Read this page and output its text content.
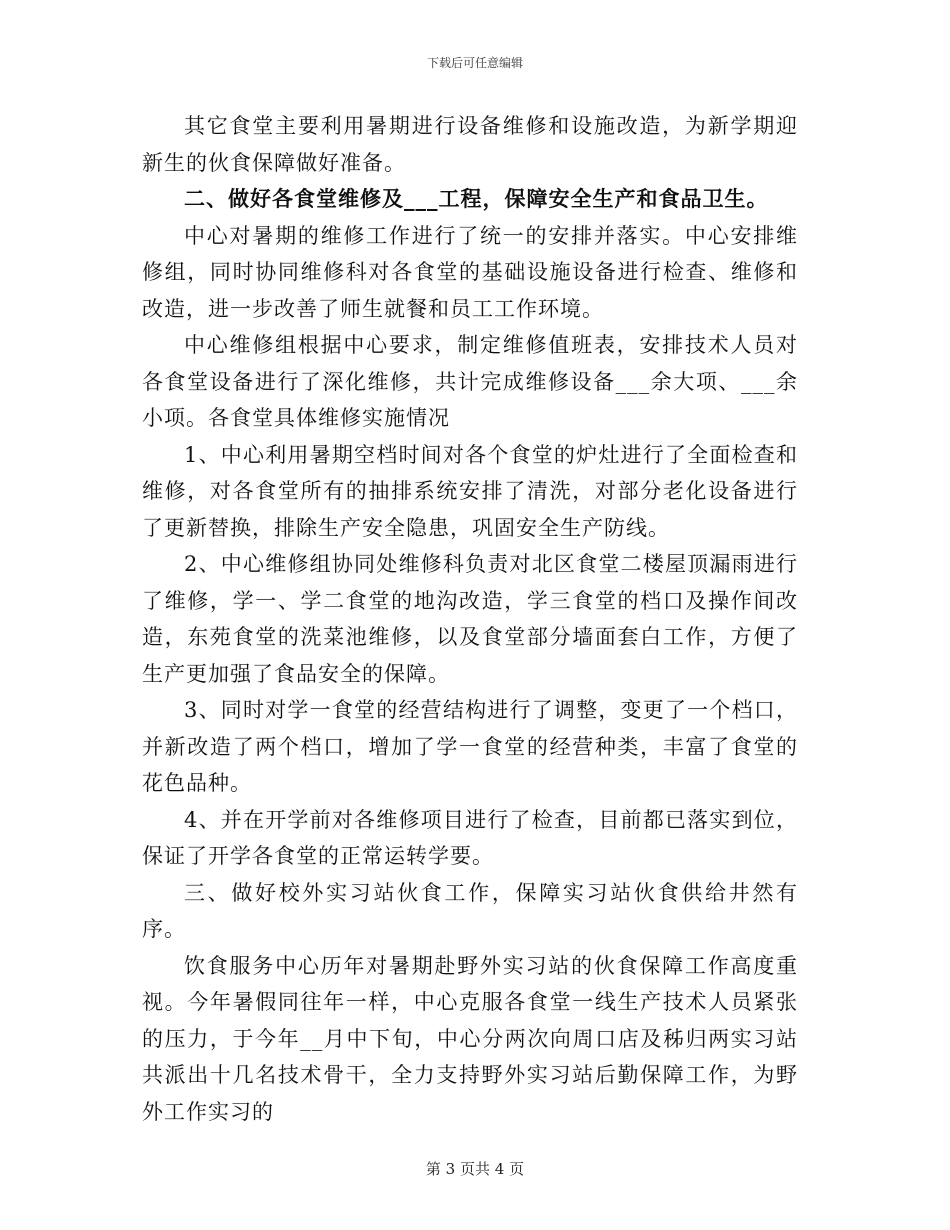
下载后可任意编辑

其它食堂主要利用暑期进行设备维修和设施改造，为新学期迎新生的伙食保障做好准备。

二、做好各食堂维修及___工程，保障安全生产和食品卫生。

中心对暑期的维修工作进行了统一的安排并落实。中心安排维修组，同时协同维修科对各食堂的基础设施设备进行检查、维修和改造，进一步改善了师生就餐和员工工作环境。

中心维修组根据中心要求，制定维修值班表，安排技术人员对各食堂设备进行了深化维修，共计完成维修设备___余大项、___余小项。各食堂具体维修实施情况

1、中心利用暑期空档时间对各个食堂的炉灶进行了全面检查和维修，对各食堂所有的抽排系统安排了清洗，对部分老化设备进行了更新替换，排除生产安全隐患，巩固安全生产防线。

2、中心维修组协同处维修科负责对北区食堂二楼屋顶漏雨进行了维修，学一、学二食堂的地沟改造，学三食堂的档口及操作间改造，东苑食堂的洗菜池维修，以及食堂部分墙面套白工作，方便了生产更加强了食品安全的保障。

3、同时对学一食堂的经营结构进行了调整，变更了一个档口，并新改造了两个档口，增加了学一食堂的经营种类，丰富了食堂的花色品种。

4、并在开学前对各维修项目进行了检查，目前都已落实到位，保证了开学各食堂的正常运转学要。

三、做好校外实习站伙食工作，保障实习站伙食供给井然有序。

饮食服务中心历年对暑期赴野外实习站的伙食保障工作高度重视。今年暑假同往年一样，中心克服各食堂一线生产技术人员紧张的压力，于今年__月中下旬，中心分两次向周口店及秭归两实习站共派出十几名技术骨干，全力支持野外实习站后勤保障工作，为野外工作实习的

第 3 页共 4 页
